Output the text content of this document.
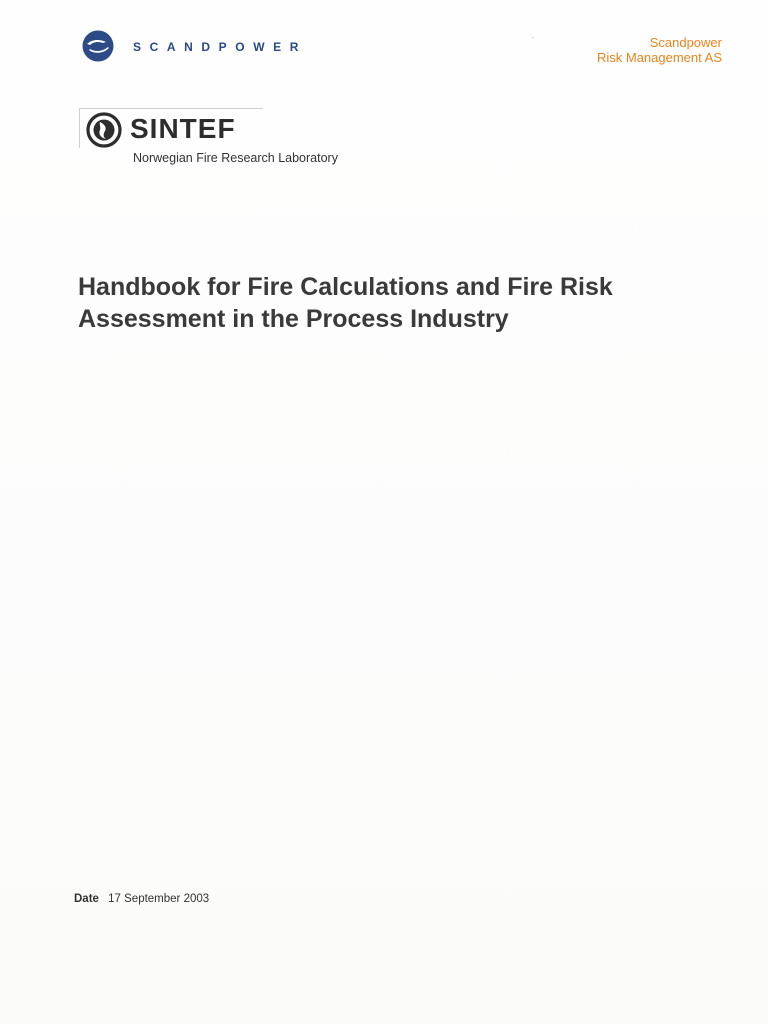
SCANDPOWER	Scandpower
Risk Management AS
SINTEF
Norwegian Fire Research Laboratory
Handbook for Fire Calculations and Fire Risk
Assessment in the Process Industry
Date 17 September 2003
